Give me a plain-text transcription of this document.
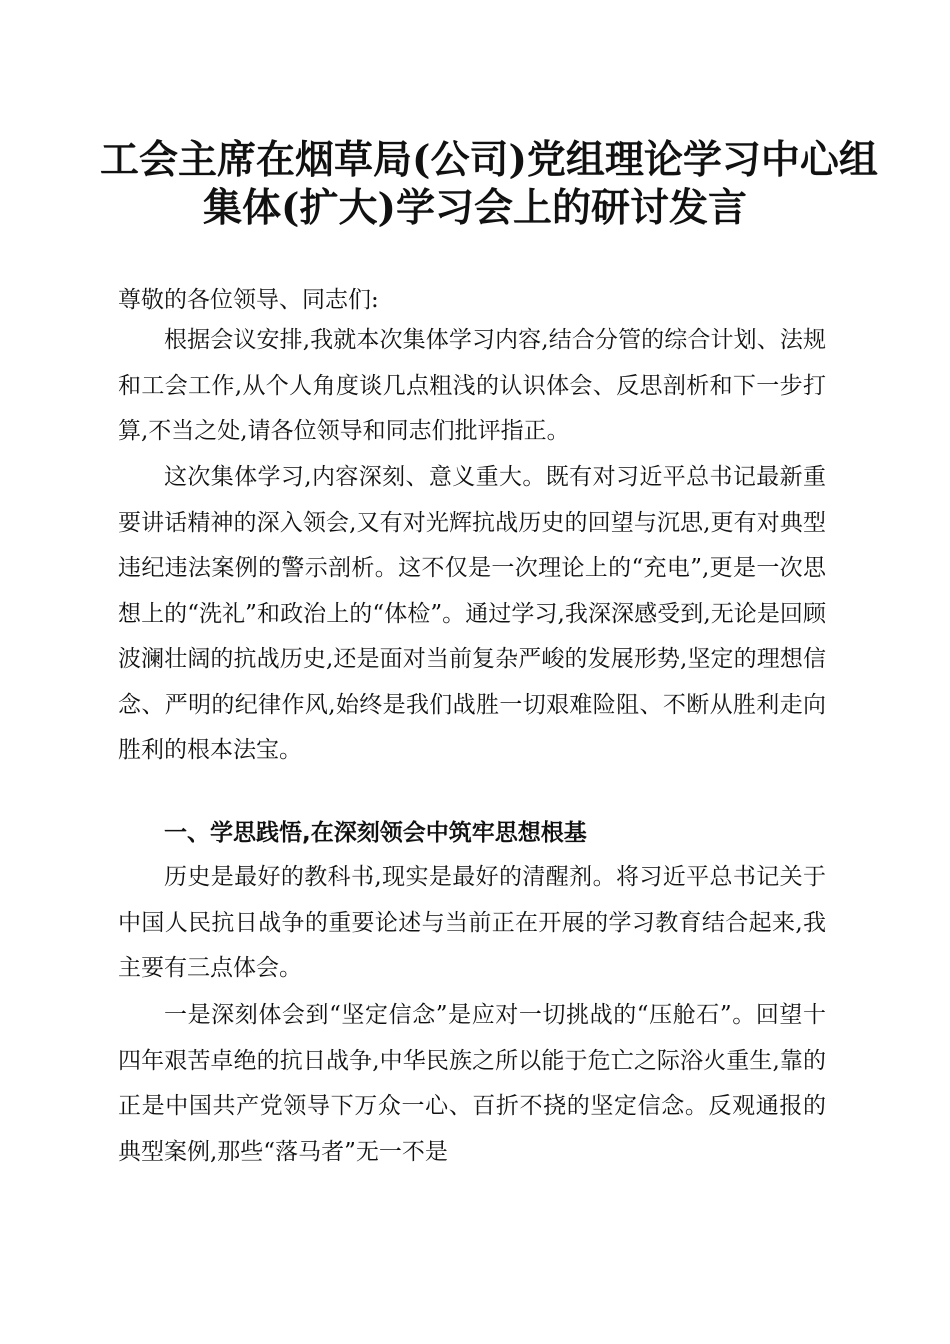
工会主席在烟草局(公司)党组理论学习中心组
集体(扩大)学习会上的研讨发言

尊敬的各位领导、同志们:

根据会议安排,我就本次集体学习内容,结合分管的综合计划、法规和工会工作,从个人角度谈几点粗浅的认识体会、反思剖析和下一步打算,不当之处,请各位领导和同志们批评指正。

这次集体学习,内容深刻、意义重大。既有对习近平总书记最新重要讲话精神的深入领会,又有对光辉抗战历史的回望与沉思,更有对典型违纪违法案例的警示剖析。这不仅是一次理论上的“充电”,更是一次思想上的“洗礼”和政治上的“体检”。通过学习,我深深感受到,无论是回顾波澜壮阔的抗战历史,还是面对当前复杂严峻的发展形势,坚定的理想信念、严明的纪律作风,始终是我们战胜一切艰难险阻、不断从胜利走向胜利的根本法宝。

一、学思践悟,在深刻领会中筑牢思想根基

历史是最好的教科书,现实是最好的清醒剂。将习近平总书记关于中国人民抗日战争的重要论述与当前正在开展的学习教育结合起来,我主要有三点体会。

一是深刻体会到“坚定信念”是应对一切挑战的“压舱石”。回望十四年艰苦卓绝的抗日战争,中华民族之所以能于危亡之际浴火重生,靠的正是中国共产党领导下万众一心、百折不挠的坚定信念。反观通报的典型案例,那些“落马者”无一不是
